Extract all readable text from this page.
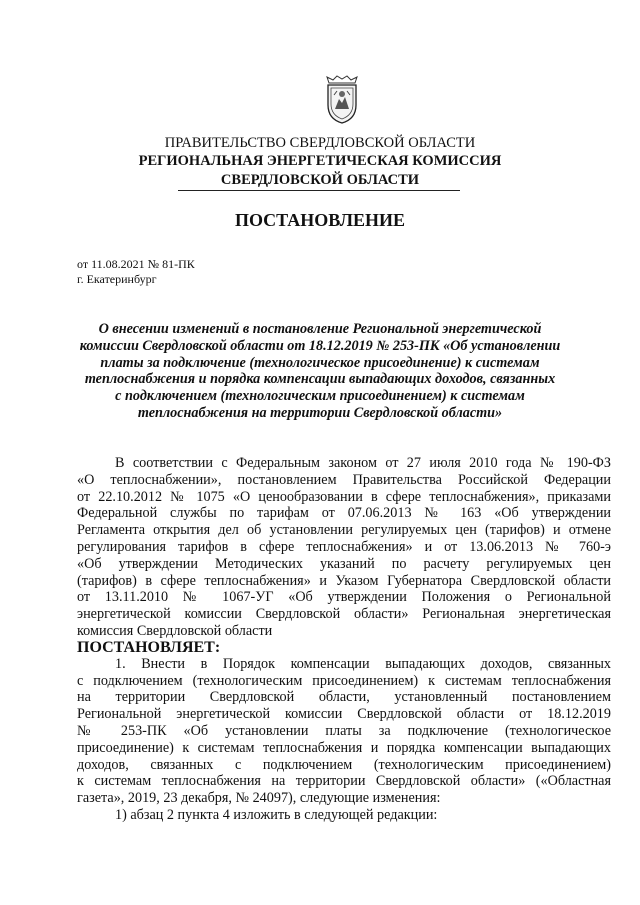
ПРАВИТЕЛЬСТВО СВЕРДЛОВСКОЙ ОБЛАСТИ
РЕГИОНАЛЬНАЯ ЭНЕРГЕТИЧЕСКАЯ КОМИССИЯ
СВЕРДЛОВСКОЙ ОБЛАСТИ
ПОСТАНОВЛЕНИЕ
от 11.08.2021 № 81-ПК
г. Екатеринбург
О внесении изменений в постановление Региональной энергетической
комиссии Свердловской области от 18.12.2019 № 253-ПК «Об установлении
платы за подключение (технологическое присоединение) к системам
теплоснабжения и порядка компенсации выпадающих доходов, связанных
с подключением (технологическим присоединением) к системам
теплоснабжения на территории Свердловской области»
В соответствии с Федеральным законом от 27 июля 2010 года № 190-ФЗ
«О теплоснабжении», постановлением Правительства Российской Федерации
от 22.10.2012 № 1075 «О ценообразовании в сфере теплоснабжения», приказами
Федеральной службы по тарифам от 07.06.2013 № 163 «Об утверждении
Регламента открытия дел об установлении регулируемых цен (тарифов) и отмене
регулирования тарифов в сфере теплоснабжения» и от 13.06.2013 № 760-э
«Об утверждении Методических указаний по расчету регулируемых цен
(тарифов) в сфере теплоснабжения» и Указом Губернатора Свердловской области
от 13.11.2010 № 1067-УГ «Об утверждении Положения о Региональной
энергетической комиссии Свердловской области» Региональная энергетическая
комиссия Свердловской области
ПОСТАНОВЛЯЕТ:
1. Внести в Порядок компенсации выпадающих доходов, связанных
с подключением (технологическим присоединением) к системам теплоснабжения
на территории Свердловской области, установленный постановлением
Региональной энергетической комиссии Свердловской области от 18.12.2019
№ 253-ПК «Об установлении платы за подключение (технологическое
присоединение) к системам теплоснабжения и порядка компенсации выпадающих
доходов, связанных с подключением (технологическим присоединением)
к системам теплоснабжения на территории Свердловской области» («Областная
газета», 2019, 23 декабря, № 24097), следующие изменения:
1) абзац 2 пункта 4 изложить в следующей редакции:
